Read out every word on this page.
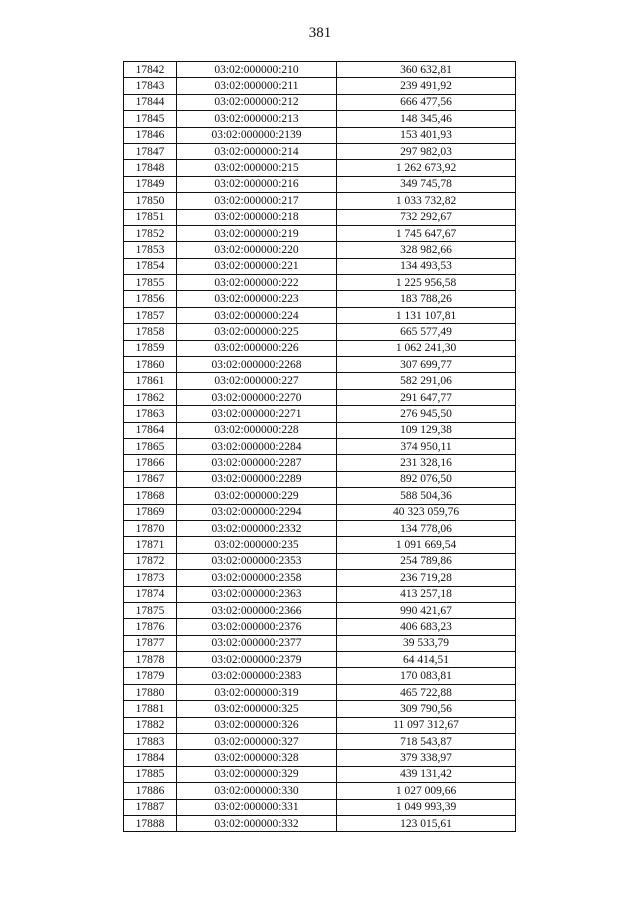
381
17842	03:02:000000:210	360 632,81
17843	03:02:000000:211	239 491,92
17844	03:02:000000:212	666 477,56
17845	03:02:000000:213	148 345,46
17846	03:02:000000:2139	153 401,93
17847	03:02:000000:214	297 982,03
17848	03:02:000000:215	1 262 673,92
17849	03:02:000000:216	349 745,78
17850	03:02:000000:217	1 033 732,82
17851	03:02:000000:218	732 292,67
17852	03:02:000000:219	1 745 647,67
17853	03:02:000000:220	328 982,66
17854	03:02:000000:221	134 493,53
17855	03:02:000000:222	1 225 956,58
17856	03:02:000000:223	183 788,26
17857	03:02:000000:224	1 131 107,81
17858	03:02:000000:225	665 577,49
17859	03:02:000000:226	1 062 241,30
17860	03:02:000000:2268	307 699,77
17861	03:02:000000:227	582 291,06
17862	03:02:000000:2270	291 647,77
17863	03:02:000000:2271	276 945,50
17864	03:02:000000:228	109 129,38
17865	03:02:000000:2284	374 950,11
17866	03:02:000000:2287	231 328,16
17867	03:02:000000:2289	892 076,50
17868	03:02:000000:229	588 504,36
17869	03:02:000000:2294	40 323 059,76
17870	03:02:000000:2332	134 778,06
17871	03:02:000000:235	1 091 669,54
17872	03:02:000000:2353	254 789,86
17873	03:02:000000:2358	236 719,28
17874	03:02:000000:2363	413 257,18
17875	03:02:000000:2366	990 421,67
17876	03:02:000000:2376	406 683,23
17877	03:02:000000:2377	39 533,79
17878	03:02:000000:2379	64 414,51
17879	03:02:000000:2383	170 083,81
17880	03:02:000000:319	465 722,88
17881	03:02:000000:325	309 790,56
17882	03:02:000000:326	11 097 312,67
17883	03:02:000000:327	718 543,87
17884	03:02:000000:328	379 338,97
17885	03:02:000000:329	439 131,42
17886	03:02:000000:330	1 027 009,66
17887	03:02:000000:331	1 049 993,39
17888	03:02:000000:332	123 015,61
